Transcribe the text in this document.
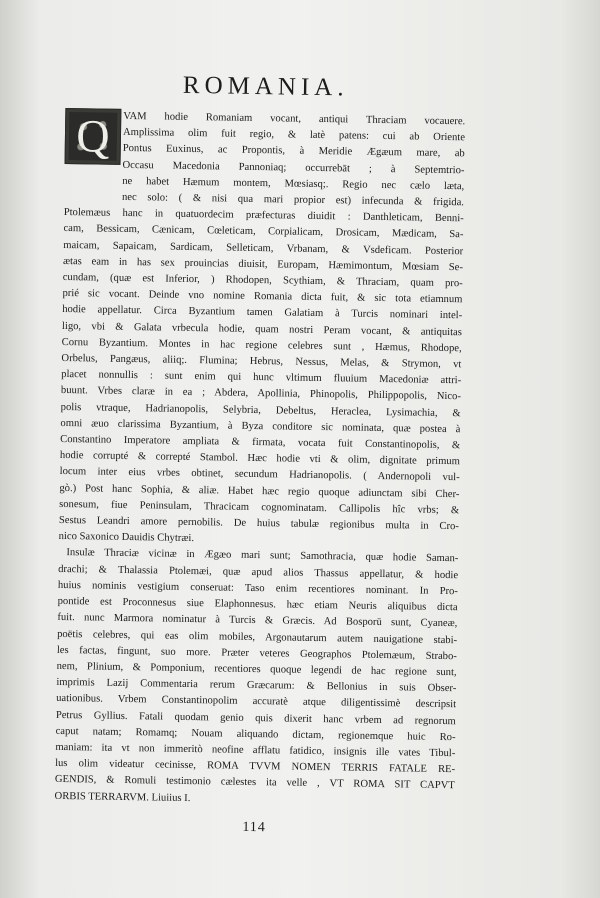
ROMANIA.
Q	VAM hodie Romaniam vocant, antiqui Thraciam vocauere.
Amplissima olim fuit regio, & latè patens: cui ab Oriente
Pontus Euxinus, ac Propontis, à Meridie Ægæum mare, ab
Occasu Macedonia Pannoniaq; occurrebāt ; à Septemtrio-
ne habet Hæmum montem, Mœsiasq;. Regio nec cælo læta,
nec solo: ( & nisi qua mari propior est) infecunda & frigida.
Ptolemæus hanc in quatuordecim præfecturas diuidit : Danthleticam, Benni-
cam, Bessicam, Cænicam, Cœleticam, Corpialicam, Drosicam, Mædicam, Sa-
maicam, Sapaicam, Sardicam, Selleticam, Vrbanam, & Vsdeficam. Posterior
ætas eam in has sex prouincias diuisit, Europam, Hæmimontum, Mœsiam Se-
cundam, (quæ est Inferior, ) Rhodopen, Scythiam, & Thraciam, quam pro-
prié sic vocant. Deinde vno nomine Romania dicta fuit, & sic tota etiamnum
hodie appellatur. Circa Byzantium tamen Galatiam à Turcis nominari intel-
ligo, vbi & Galata vrbecula hodie, quam nostri Peram vocant, & antiquitas
Cornu Byzantium. Montes in hac regione celebres sunt , Hæmus, Rhodope,
Orbelus, Pangæus, aliiq;. Flumina; Hebrus, Nessus, Melas, & Strymon, vt
placet nonnullis : sunt enim qui hunc vltimum fluuium Macedoniæ attri-
buunt. Vrbes claræ in ea ; Abdera, Apollinia, Phinopolis, Philippopolis, Nico-
polis vtraque, Hadrianopolis, Selybria, Debeltus, Heraclea, Lysimachia, &
omni æuo clarissima Byzantium, à Byza conditore sic nominata, quæ postea à
Constantino Imperatore ampliata & firmata, vocata fuit Constantinopolis, &
hodie corrupté & correpté Stambol. Hæc hodie vti & olim, dignitate primum
locum inter eius vrbes obtinet, secundum Hadrianopolis. ( Andernopoli vul-
gò.) Post hanc Sophia, & aliæ. Habet hæc regio quoque adiunctam sibi Cher-
sonesum, fiue Peninsulam, Thracicam cognominatam. Callipolis hîc vrbs; &
Sestus Leandri amore pernobilis. De huius tabulæ regionibus multa in Cro-
nico Saxonico Dauidis Chytræi.
Insulæ Thraciæ vicinæ in Ægæo mari sunt; Samothracia, quæ hodie Saman-
drachi; & Thalassia Ptolemæi, quæ apud alios Thassus appellatur, & hodie
huius nominis vestigium conseruat: Taso enim recentiores nominant. In Pro-
pontide est Proconnesus siue Elaphonnesus. hæc etiam Neuris aliquibus dicta
fuit. nunc Marmora nominatur à Turcis & Græcis. Ad Bosporū sunt, Cyaneæ,
poëtis celebres, qui eas olim mobiles, Argonautarum autem nauigatione stabi-
les factas, fingunt, suo more. Præter veteres Geographos Ptolemæum, Strabo-
nem, Plinium, & Pomponium, recentiores quoque legendi de hac regione sunt,
imprimis Lazij Commentaria rerum Græcarum: & Bellonius in suis Obser-
uationibus. Vrbem Constantinopolim accuratè atque diligentissimè descripsit
Petrus Gyllius. Fatali quodam genio quis dixerit hanc vrbem ad regnorum
caput natam; Romamq; Nouam aliquando dictam, regionemque huic Ro-
maniam: ita vt non immeritò neofine afflatu fatidico, insignis ille vates Tibul-
lus olim videatur cecinisse, ROMA TVVM NOMEN TERRIS FATALE RE-
GENDIS, & Romuli testimonio cælestes ita velle , VT ROMA SIT CAPVT
ORBIS TERRARVM. Liuiius I.
114
